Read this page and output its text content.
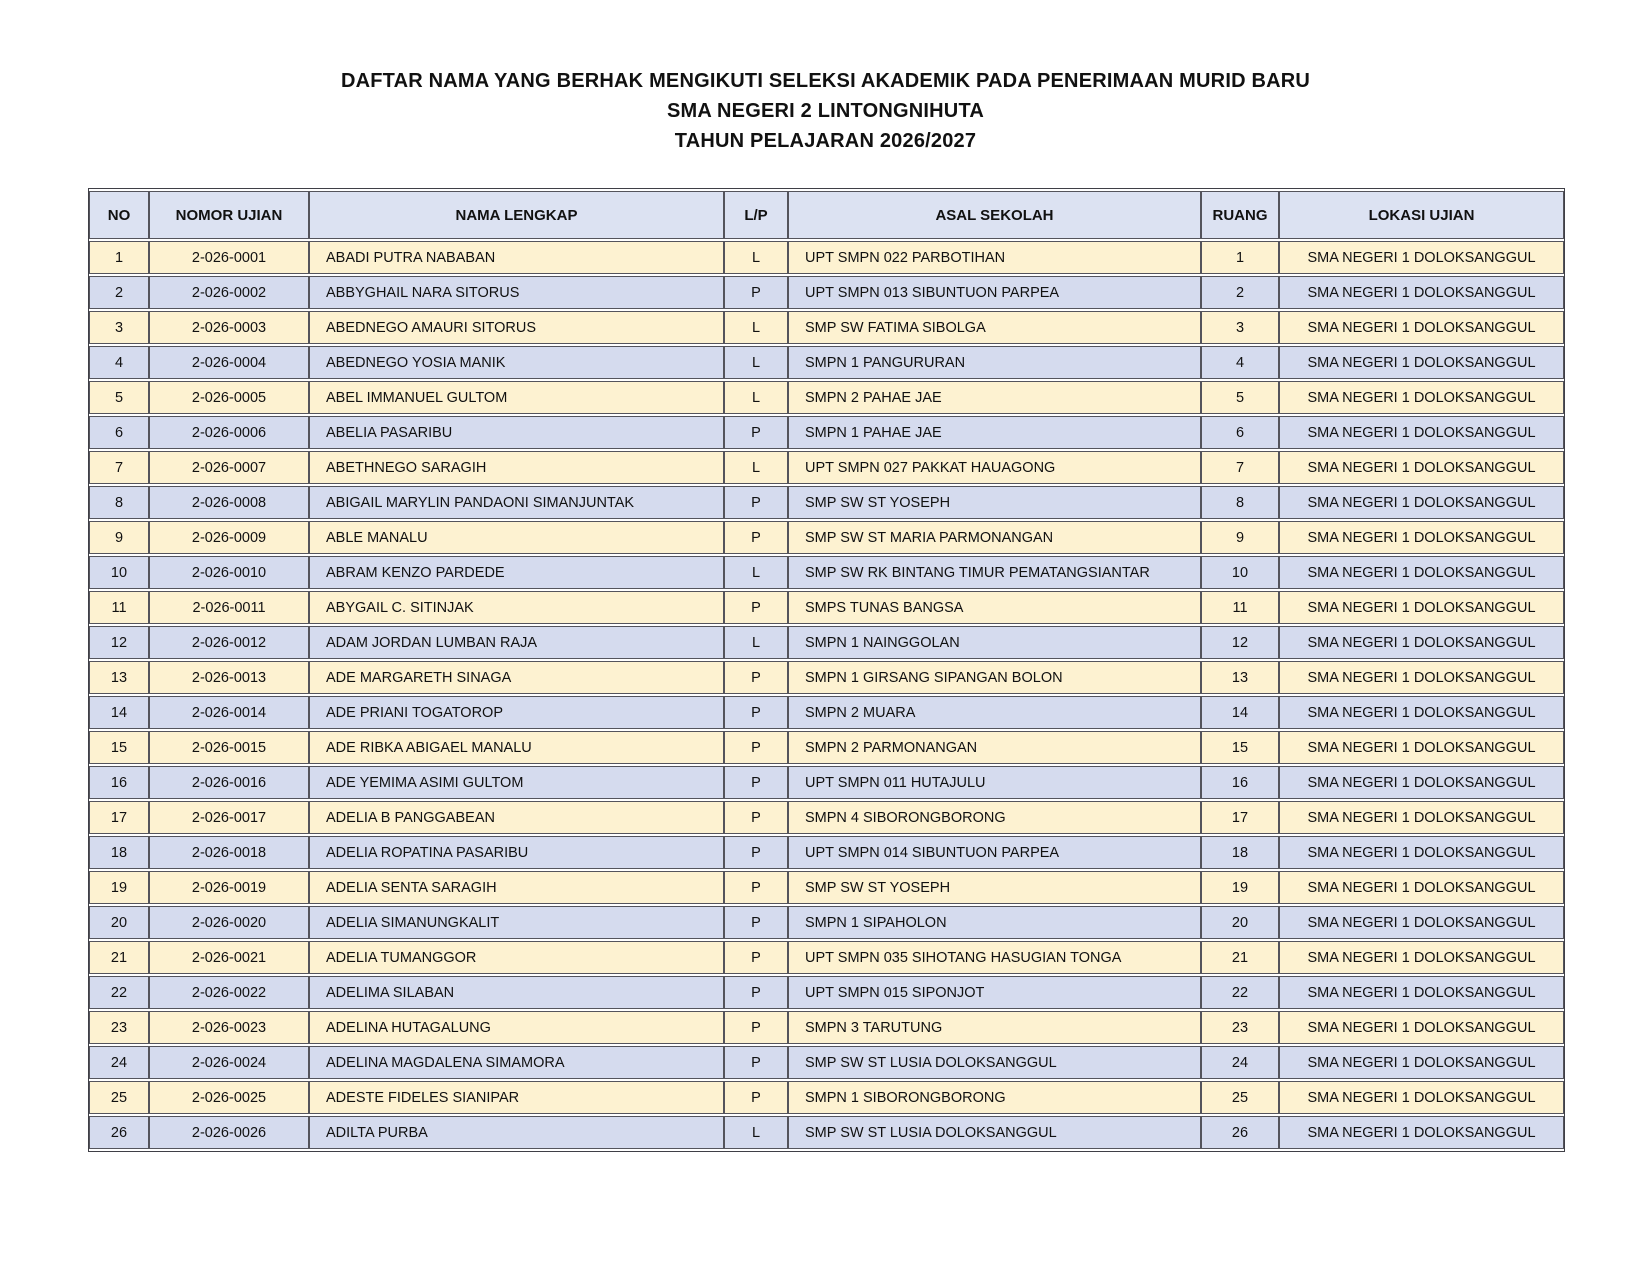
DAFTAR NAMA YANG BERHAK MENGIKUTI SELEKSI AKADEMIK PADA PENERIMAAN MURID BARU
SMA NEGERI 2 LINTONGNIHUTA
TAHUN PELAJARAN 2026/2027
NO	NOMOR UJIAN	NAMA LENGKAP	L/P	ASAL SEKOLAH	RUANG	LOKASI UJIAN
1	2-026-0001	ABADI PUTRA NABABAN	L	UPT SMPN 022 PARBOTIHAN	1	SMA NEGERI 1 DOLOKSANGGUL
2	2-026-0002	ABBYGHAIL NARA SITORUS	P	UPT SMPN 013 SIBUNTUON PARPEA	2	SMA NEGERI 1 DOLOKSANGGUL
3	2-026-0003	ABEDNEGO AMAURI SITORUS	L	SMP SW FATIMA SIBOLGA	3	SMA NEGERI 1 DOLOKSANGGUL
4	2-026-0004	ABEDNEGO YOSIA MANIK	L	SMPN 1 PANGURURAN	4	SMA NEGERI 1 DOLOKSANGGUL
5	2-026-0005	ABEL IMMANUEL GULTOM	L	SMPN 2 PAHAE JAE	5	SMA NEGERI 1 DOLOKSANGGUL
6	2-026-0006	ABELIA PASARIBU	P	SMPN 1 PAHAE JAE	6	SMA NEGERI 1 DOLOKSANGGUL
7	2-026-0007	ABETHNEGO SARAGIH	L	UPT SMPN 027 PAKKAT HAUAGONG	7	SMA NEGERI 1 DOLOKSANGGUL
8	2-026-0008	ABIGAIL MARYLIN PANDAONI SIMANJUNTAK	P	SMP SW ST YOSEPH	8	SMA NEGERI 1 DOLOKSANGGUL
9	2-026-0009	ABLE MANALU	P	SMP SW ST MARIA PARMONANGAN	9	SMA NEGERI 1 DOLOKSANGGUL
10	2-026-0010	ABRAM KENZO PARDEDE	L	SMP SW RK BINTANG TIMUR PEMATANGSIANTAR	10	SMA NEGERI 1 DOLOKSANGGUL
11	2-026-0011	ABYGAIL C. SITINJAK	P	SMPS TUNAS BANGSA	11	SMA NEGERI 1 DOLOKSANGGUL
12	2-026-0012	ADAM JORDAN LUMBAN RAJA	L	SMPN 1 NAINGGOLAN	12	SMA NEGERI 1 DOLOKSANGGUL
13	2-026-0013	ADE MARGARETH SINAGA	P	SMPN 1 GIRSANG SIPANGAN BOLON	13	SMA NEGERI 1 DOLOKSANGGUL
14	2-026-0014	ADE PRIANI TOGATOROP	P	SMPN 2 MUARA	14	SMA NEGERI 1 DOLOKSANGGUL
15	2-026-0015	ADE RIBKA ABIGAEL MANALU	P	SMPN 2 PARMONANGAN	15	SMA NEGERI 1 DOLOKSANGGUL
16	2-026-0016	ADE YEMIMA ASIMI GULTOM	P	UPT SMPN 011 HUTAJULU	16	SMA NEGERI 1 DOLOKSANGGUL
17	2-026-0017	ADELIA B PANGGABEAN	P	SMPN 4 SIBORONGBORONG	17	SMA NEGERI 1 DOLOKSANGGUL
18	2-026-0018	ADELIA ROPATINA PASARIBU	P	UPT SMPN 014 SIBUNTUON PARPEA	18	SMA NEGERI 1 DOLOKSANGGUL
19	2-026-0019	ADELIA SENTA SARAGIH	P	SMP SW ST YOSEPH	19	SMA NEGERI 1 DOLOKSANGGUL
20	2-026-0020	ADELIA SIMANUNGKALIT	P	SMPN 1 SIPAHOLON	20	SMA NEGERI 1 DOLOKSANGGUL
21	2-026-0021	ADELIA TUMANGGOR	P	UPT SMPN 035 SIHOTANG HASUGIAN TONGA	21	SMA NEGERI 1 DOLOKSANGGUL
22	2-026-0022	ADELIMA SILABAN	P	UPT SMPN 015 SIPONJOT	22	SMA NEGERI 1 DOLOKSANGGUL
23	2-026-0023	ADELINA HUTAGALUNG	P	SMPN 3 TARUTUNG	23	SMA NEGERI 1 DOLOKSANGGUL
24	2-026-0024	ADELINA MAGDALENA SIMAMORA	P	SMP SW ST LUSIA DOLOKSANGGUL	24	SMA NEGERI 1 DOLOKSANGGUL
25	2-026-0025	ADESTE FIDELES SIANIPAR	P	SMPN 1 SIBORONGBORONG	25	SMA NEGERI 1 DOLOKSANGGUL
26	2-026-0026	ADILTA PURBA	L	SMP SW ST LUSIA DOLOKSANGGUL	26	SMA NEGERI 1 DOLOKSANGGUL
